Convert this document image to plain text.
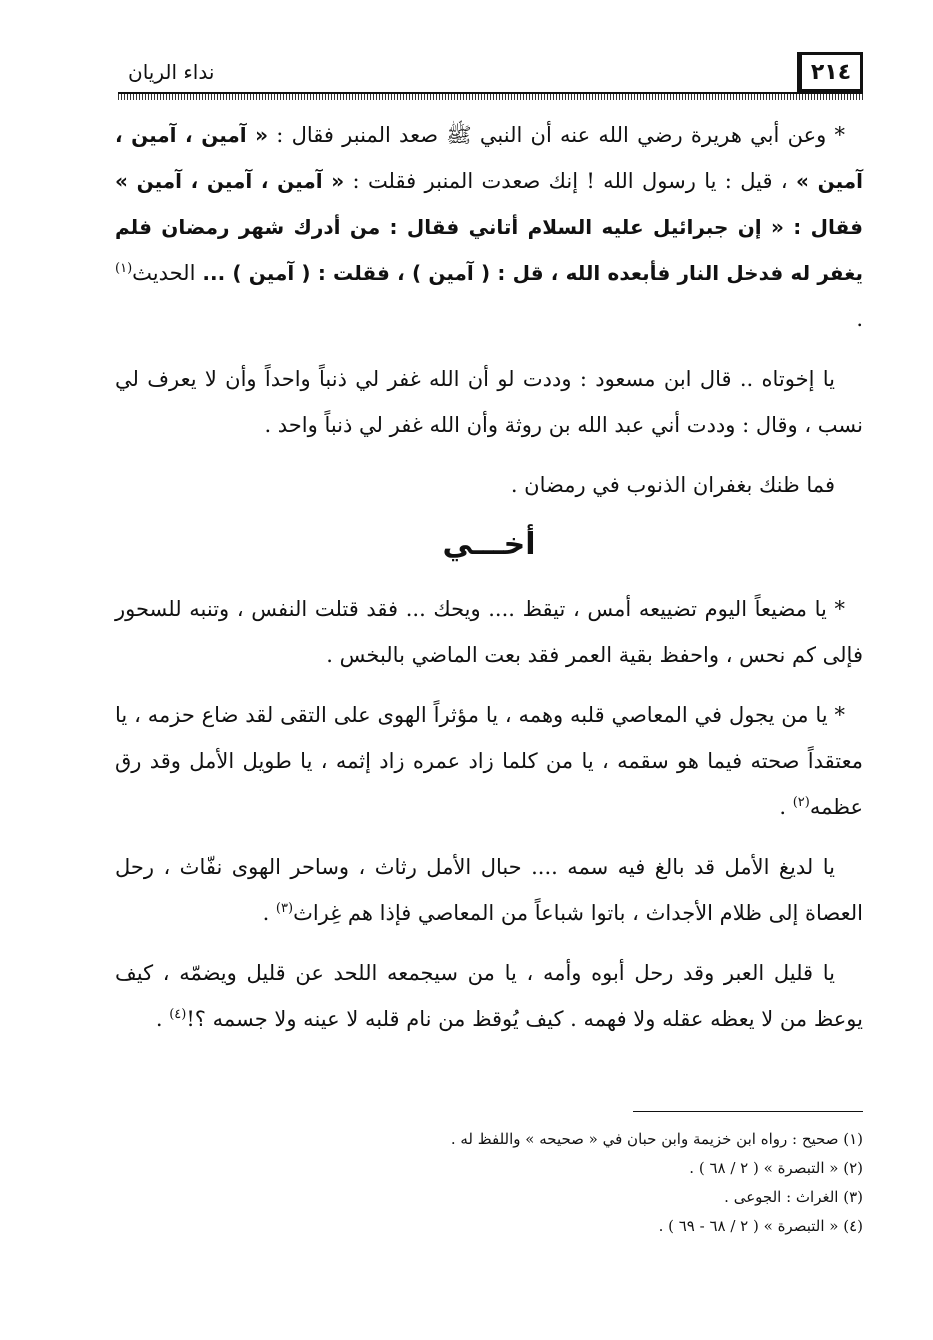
٢١٤
نداء الريان

* وعن أبي هريرة رضي الله عنه أن النبي ﷺ صعد المنبر فقال : « آمين ، آمين ، آمين » ، قيل : يا رسول الله ! إنك صعدت المنبر فقلت : « آمين ، آمين ، آمين » فقال : « إن جبرائيل عليه السلام أتاني فقال : من أدرك شهر رمضان فلم يغفر له فدخل النار فأبعده الله ، قل : ( آمين ) ، فقلت : ( آمين ) ... الحديث$^{(١)}$ .

يا إخوتاه .. قال ابن مسعود : وددت لو أن الله غفر لي ذنباً واحداً وأن لا يعرف لي نسب ، وقال : وددت أني عبد الله بن روثة وأن الله غفر لي ذنباً واحد .

فما ظنك بغفران الذنوب في رمضان .

أخـــي

* يا مضيعاً اليوم تضييعه أمس ، تيقظ .... ويحك ... فقد قتلت النفس ، وتنبه للسحور فإلى كم نحس ، واحفظ بقية العمر فقد بعت الماضي بالبخس .

* يا من يجول في المعاصي قلبه وهمه ، يا مؤثراً الهوى على التقى لقد ضاع حزمه ، يا معتقداً صحته فيما هو سقمه ، يا من كلما زاد عمره زاد إثمه ، يا طويل الأمل وقد رق عظمه$^{(٢)}$ .

يا لديغ الأمل قد بالغ فيه سمه .... حبال الأمل رثاث ، وساحر الهوى نفّاث ، رحل العصاة إلى ظلام الأجداث ، باتوا شباعاً من المعاصي فإذا هم غِراث$^{(٣)}$ .

يا قليل العبر وقد رحل أبوه وأمه ، يا من سيجمعه اللحد عن قليل ويضمّه ، كيف يوعظ من لا يعظه عقله ولا فهمه . كيف يُوقظ من نام قلبه لا عينه ولا جسمه ؟!$^{(٤)}$ .

(١) صحيح : رواه ابن خزيمة وابن حبان في « صحيحه » واللفظ له .
(٢) « التبصرة » ( ٢ / ٦٨ ) .
(٣) الغراث : الجوعى .
(٤) « التبصرة » ( ٢ / ٦٨ - ٦٩ ) .
